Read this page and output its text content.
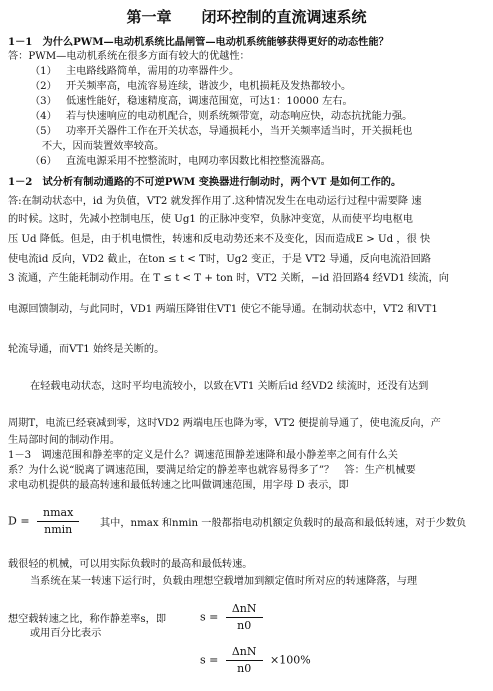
第一章　　闭环控制的直流调速系统
1－1　为什么PWM—电动机系统比晶闸管—电动机系统能够获得更好的动态性能？
答：PWM—电动机系统在很多方面有较大的优越性：
（1） 主电路线路简单，需用的功率器件少。
（2） 开关频率高，电流容易连续，谐波少，电机损耗及发热都较小。
（3） 低速性能好，稳速精度高，调速范围宽，可达1：10000 左右。
（4） 若与快速响应的电动机配合，则系统频带宽，动态响应快，动态抗扰能力强。
（5） 功率开关器件工作在开关状态，导通损耗小，当开关频率适当时，开关损耗也
不大，因而装置效率较高。
（6） 直流电源采用不控整流时，电网功率因数比相控整流器高。
1－2　试分析有制动通路的不可逆PWM 变换器进行制动时，两个VT 是如何工作的。
答:在制动状态中，id 为负值，VT2 就发挥作用了.这种情况发生在电动运行过程中需要降 速
的时候。这时，先减小控制电压，使 Ug1 的正脉冲变窄，负脉冲变宽，从而使平均电枢电
压 Ud 降低。但是，由于机电惯性，转速和反电动势还来不及变化，因而造成E > Ud ，很 快
使电流id 反向，VD2 截止，在ton ≤ t < T时，Ug2 变正，于是 VT2 导通，反向电流沿回路
3 流通，产生能耗制动作用。在 T ≤ t < T + ton 时，VT2 关断，−id 沿回路4 经VD1 续流，向
电源回馈制动，与此同时，VD1 两端压降钳住VT1 使它不能导通。在制动状态中，VT2 和VT1
轮流导通，而VT1 始终是关断的。
在轻载电动状态，这时平均电流较小，以致在VT1 关断后id 经VD2 续流时，还没有达到
周期T，电流已经衰减到零，这时VD2 两端电压也降为零，VT2 便提前导通了，使电流反向，产
生局部时间的制动作用。
1－3　调速范围和静差率的定义是什么？调速范围静差速降和最小静差率之间有什么关
系？为什么说“脱离了调速范围，要满足给定的静差率也就容易得多了”？　答：生产机械要
求电动机提供的最高转速和最低转速之比叫做调速范围，用字母 D 表示，即
$D = \frac{nmax}{nmin}$ 其中，nmax 和nmin 一般都指电动机额定负载时的最高和最低转速，对于少数负
载很轻的机械，可以用实际负载时的最高和最低转速。
当系统在某一转速下运行时，负载由理想空载增加到额定值时所对应的转速降落，与理
想空载转速之比，称作静差率s，即
或用百分比表示
$s = \frac{\text{ΔnN}}{n0}$
$s = \frac{\text{ΔnN}}{n0} \times 100\%$
